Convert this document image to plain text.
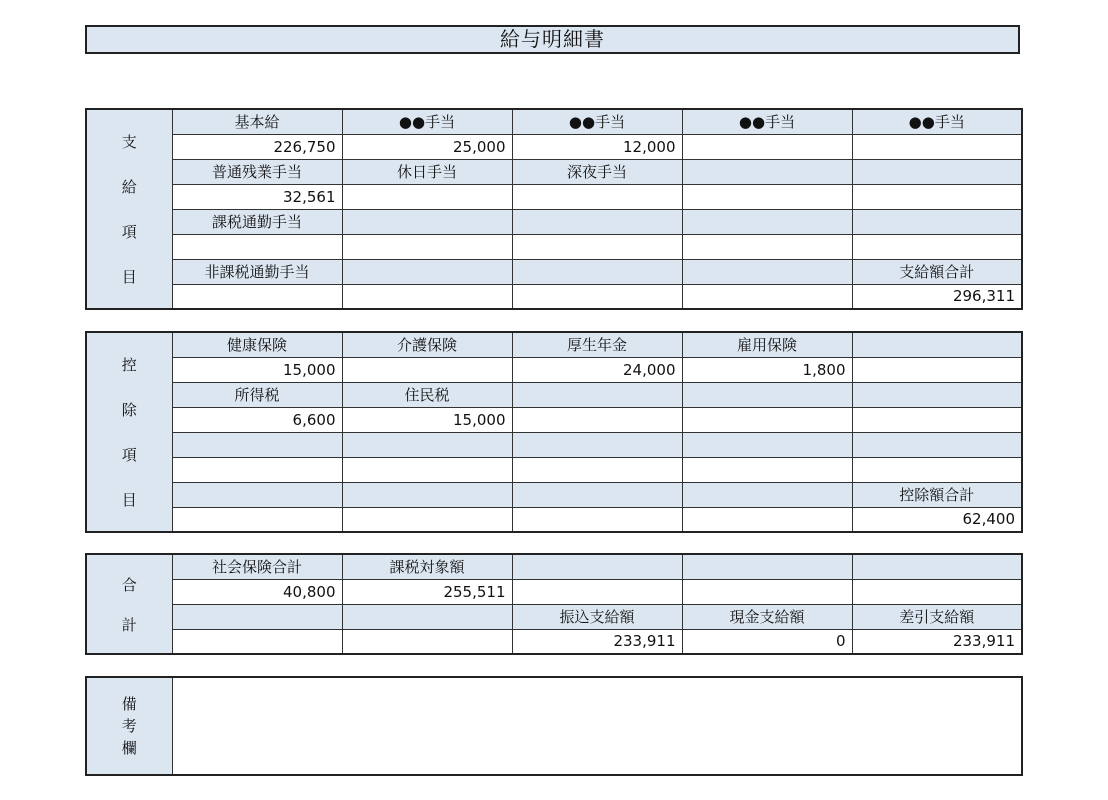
給与明細書
支
給
項
目	基本給	●●手当	●●手当	●●手当	●●手当
	226,750	25,000	12,000		
	普通残業手当	休日手当	深夜手当		
	32,561				
	課税通勤手当				

	非課税通勤手当				支給額合計
					296,311
控
除
項
目	健康保険	介護保険	厚生年金	雇用保険	
	15,000		24,000	1,800	
	所得税	住民税			
	6,600	15,000			

					控除額合計
					62,400
合
計	社会保険合計	課税対象額			
	40,800	255,511			
			振込支給額	現金支給額	差引支給額
			233,911	0	233,911
備
考
欄
